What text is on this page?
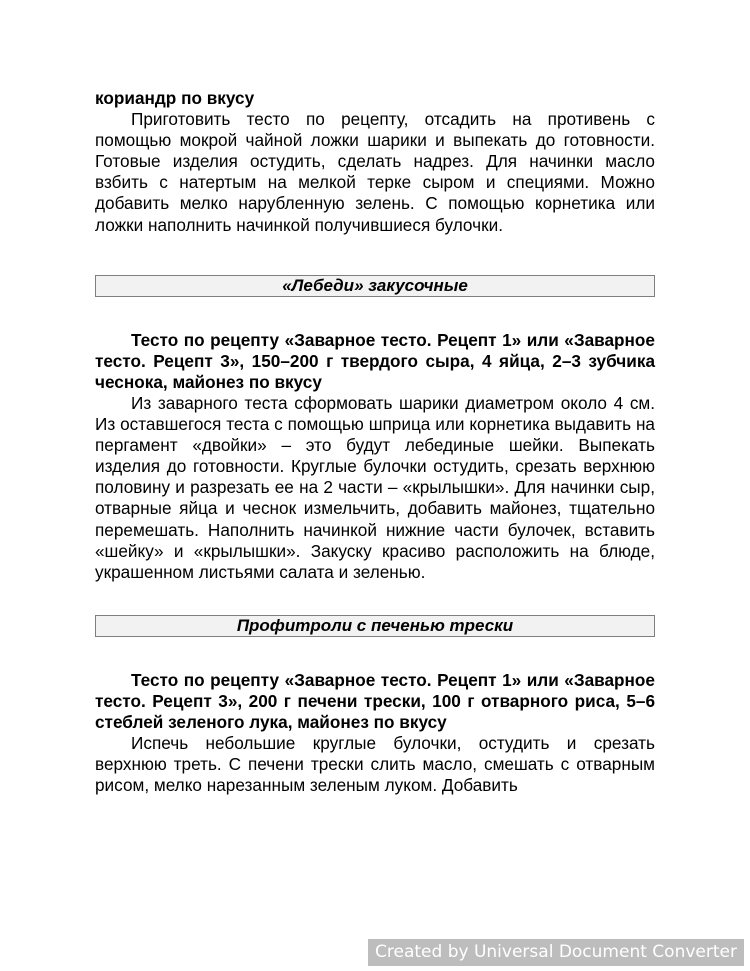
кориандр по вкусу

Приготовить тесто по рецепту, отсадить на противень с помощью мокрой чайной ложки шарики и выпекать до готовности. Готовые изделия остудить, сделать надрез. Для начинки масло взбить с натертым на мелкой терке сыром и специями. Можно добавить мелко нарубленную зелень. С помощью корнетика или ложки наполнить начинкой получившиеся булочки.

«Лебеди» закусочные

Тесто по рецепту «Заварное тесто. Рецепт 1» или «Заварное тесто. Рецепт 3», 150–200 г твердого сыра, 4 яйца, 2–3 зубчика чеснока, майонез по вкусу

Из заварного теста сформовать шарики диаметром около 4 см. Из оставшегося теста с помощью шприца или корнетика выдавить на пергамент «двойки» – это будут лебединые шейки. Выпекать изделия до готовности. Круглые булочки остудить, срезать верхнюю половину и разрезать ее на 2 части – «крылышки». Для начинки сыр, отварные яйца и чеснок измельчить, добавить майонез, тщательно перемешать. Наполнить начинкой нижние части булочек, вставить «шейку» и «крылышки». Закуску красиво расположить на блюде, украшенном листьями салата и зеленью.

Профитроли с печенью трески

Тесто по рецепту «Заварное тесто. Рецепт 1» или «Заварное тесто. Рецепт 3», 200 г печени трески, 100 г отварного риса, 5–6 стеблей зеленого лука, майонез по вкусу

Испечь небольшие круглые булочки, остудить и срезать верхнюю треть. С печени трески слить масло, смешать с отварным рисом, мелко нарезанным зеленым луком. Добавить

Created by Universal Document Converter
